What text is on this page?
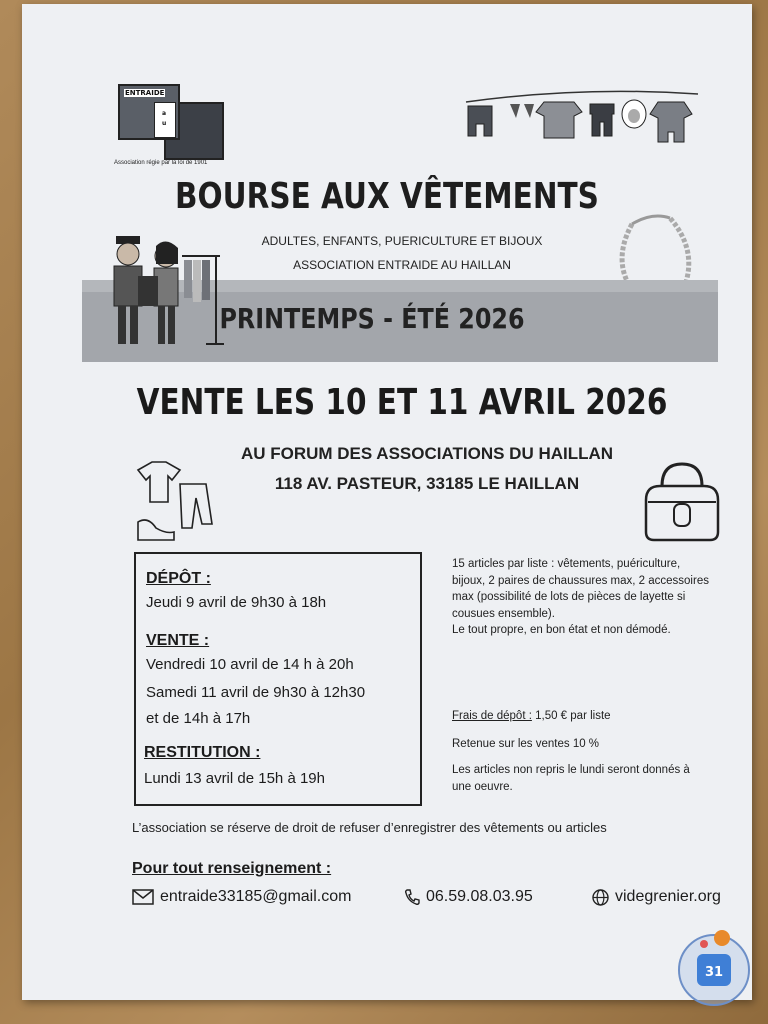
ENTRAIDE
a
u
Association régie par la loi de 1901
BOURSE AUX VÊTEMENTS
ADULTES, ENFANTS, PUERICULTURE ET BIJOUX
ASSOCIATION ENTRAIDE AU HAILLAN
PRINTEMPS - ÉTÉ 2026
VENTE LES 10 ET 11 AVRIL 2026
AU FORUM DES ASSOCIATIONS DU HAILLAN
118 AV. PASTEUR, 33185 LE HAILLAN
DÉPÔT :
Jeudi 9 avril de 9h30 à 18h
VENTE :
Vendredi 10 avril de 14 h à 20h
Samedi 11 avril de 9h30 à 12h30
et de 14h à 17h
RESTITUTION :
Lundi 13 avril de 15h à 19h
15 articles par liste : vêtements, puériculture, bijoux, 2 paires de chaussures max, 2 accessoires max (possibilité de lots de pièces de layette si cousues ensemble).
Le tout propre, en bon état et non démodé.
Frais de dépôt : 1,50 € par liste
Retenue sur les ventes 10 %
Les articles non repris le lundi seront donnés à une oeuvre.
L’association se réserve de droit de refuser d’enregistrer des vêtements ou articles
Pour tout renseignement :
entraide33185@gmail.com	06.59.08.03.95	videgrenier.org
31
